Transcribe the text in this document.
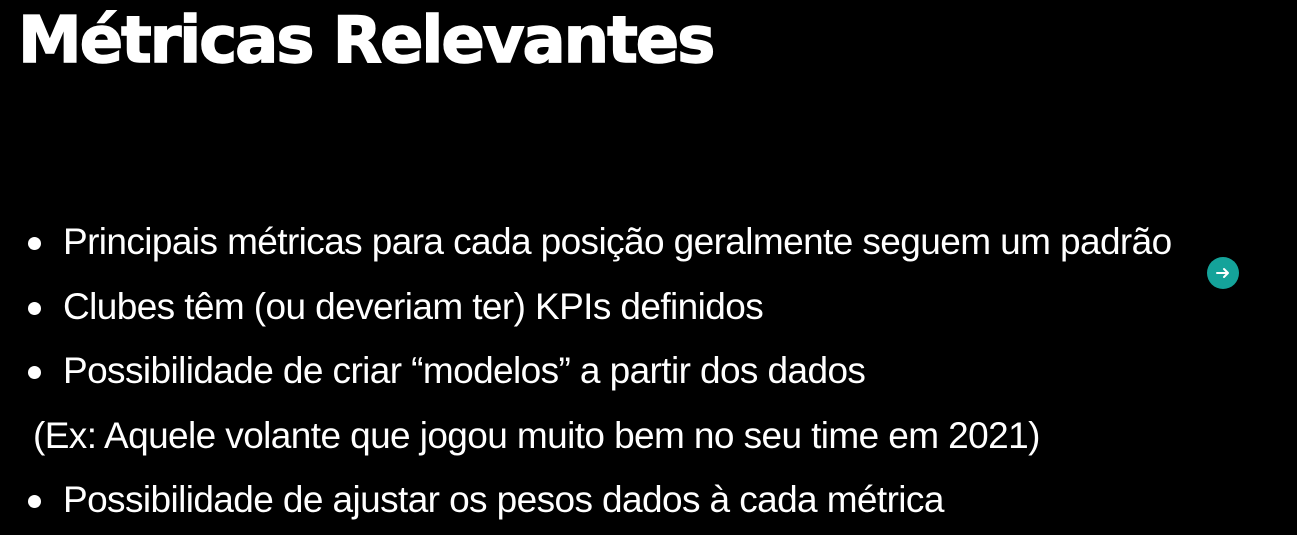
Métricas Relevantes
Principais métricas para cada posição geralmente seguem um padrão
Clubes têm (ou deveriam ter) KPIs definidos
Possibilidade de criar “modelos” a partir dos dados
(Ex: Aquele volante que jogou muito bem no seu time em 2021)
Possibilidade de ajustar os pesos dados à cada métrica
